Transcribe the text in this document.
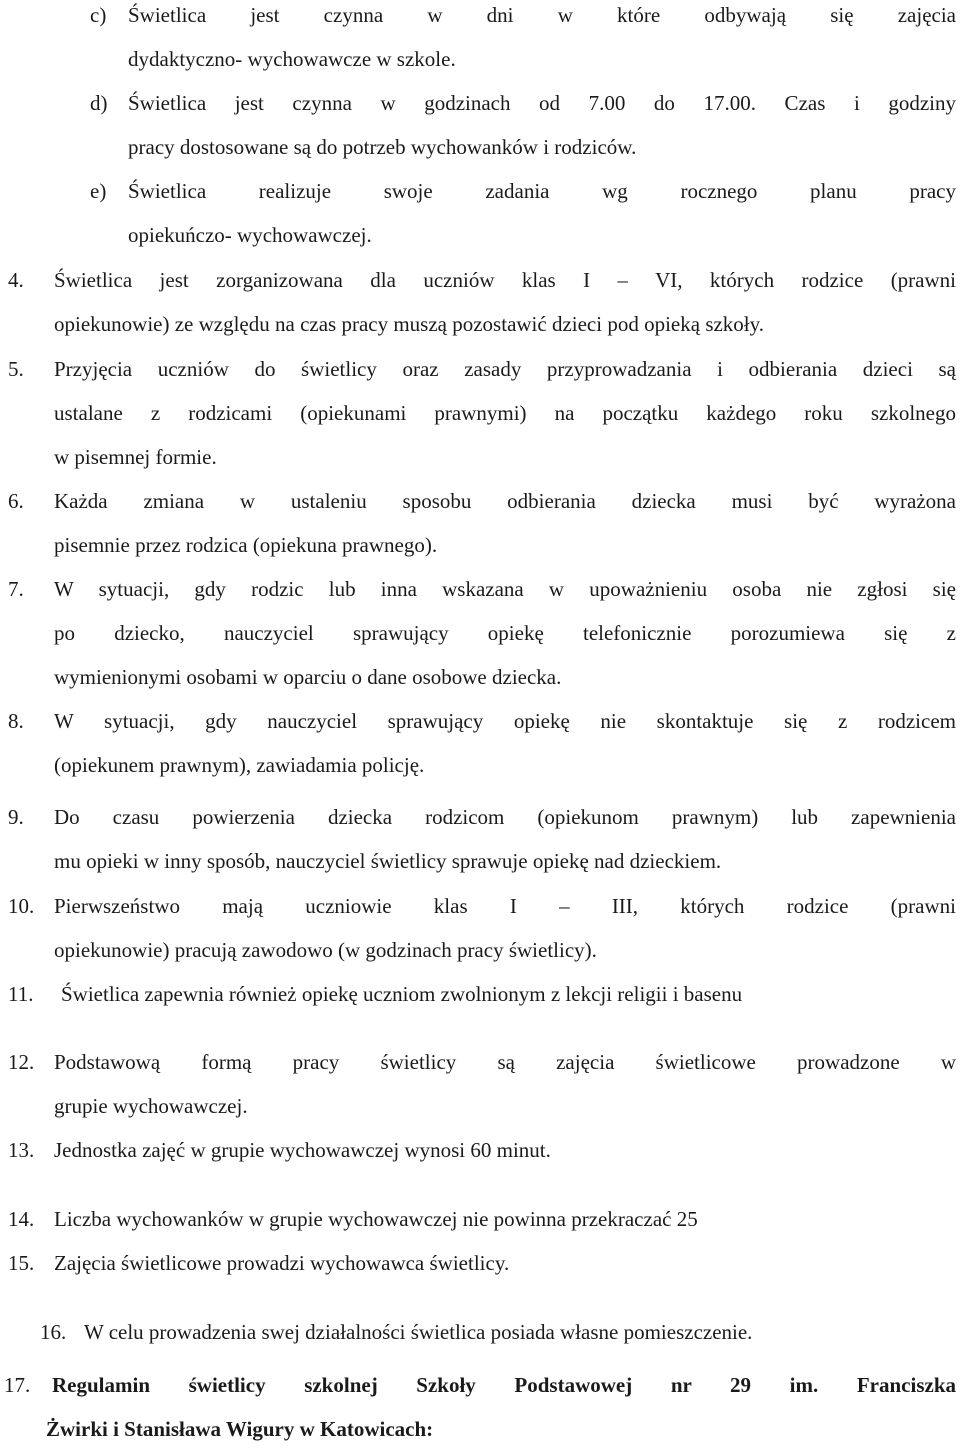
c) Świetlica jest czynna w dni w które odbywają się zajęcia
dydaktyczno- wychowawcze w szkole.
d) Świetlica jest czynna w godzinach od 7.00 do 17.00. Czas i godziny
pracy dostosowane są do potrzeb wychowanków i rodziców.
e) Świetlica realizuje swoje zadania wg rocznego planu pracy
opiekuńczo- wychowawczej.
4. Świetlica jest zorganizowana dla uczniów klas I – VI, których rodzice (prawni
opiekunowie) ze względu na czas pracy muszą pozostawić dzieci pod opieką szkoły.
5. Przyjęcia uczniów do świetlicy oraz zasady przyprowadzania i odbierania dzieci są
ustalane z rodzicami (opiekunami prawnymi) na początku każdego roku szkolnego
w pisemnej formie.
6. Każda zmiana w ustaleniu sposobu odbierania dziecka musi być wyrażona
pisemnie przez rodzica (opiekuna prawnego).
7. W sytuacji, gdy rodzic lub inna wskazana w upoważnieniu osoba nie zgłosi się
po dziecko, nauczyciel sprawujący opiekę telefonicznie porozumiewa się z
wymienionymi osobami w oparciu o dane osobowe dziecka.
8. W sytuacji, gdy nauczyciel sprawujący opiekę nie skontaktuje się z rodzicem
(opiekunem prawnym), zawiadamia policję.
9. Do czasu powierzenia dziecka rodzicom (opiekunom prawnym) lub zapewnienia
mu opieki w inny sposób, nauczyciel świetlicy sprawuje opiekę nad dzieckiem.
10. Pierwszeństwo mają uczniowie klas I – III, których rodzice (prawni
opiekunowie) pracują zawodowo (w godzinach pracy świetlicy).
11. Świetlica zapewnia również opiekę uczniom zwolnionym z lekcji religii i basenu
12. Podstawową formą pracy świetlicy są zajęcia świetlicowe prowadzone w
grupie wychowawczej.
13. Jednostka zajęć w grupie wychowawczej wynosi 60 minut.
14. Liczba wychowanków w grupie wychowawczej nie powinna przekraczać 25
15. Zajęcia świetlicowe prowadzi wychowawca świetlicy.
16. W celu prowadzenia swej działalności świetlica posiada własne pomieszczenie.
17. Regulamin świetlicy szkolnej Szkoły Podstawowej nr 29 im. Franciszka
Żwirki i Stanisława Wigury w Katowicach:
